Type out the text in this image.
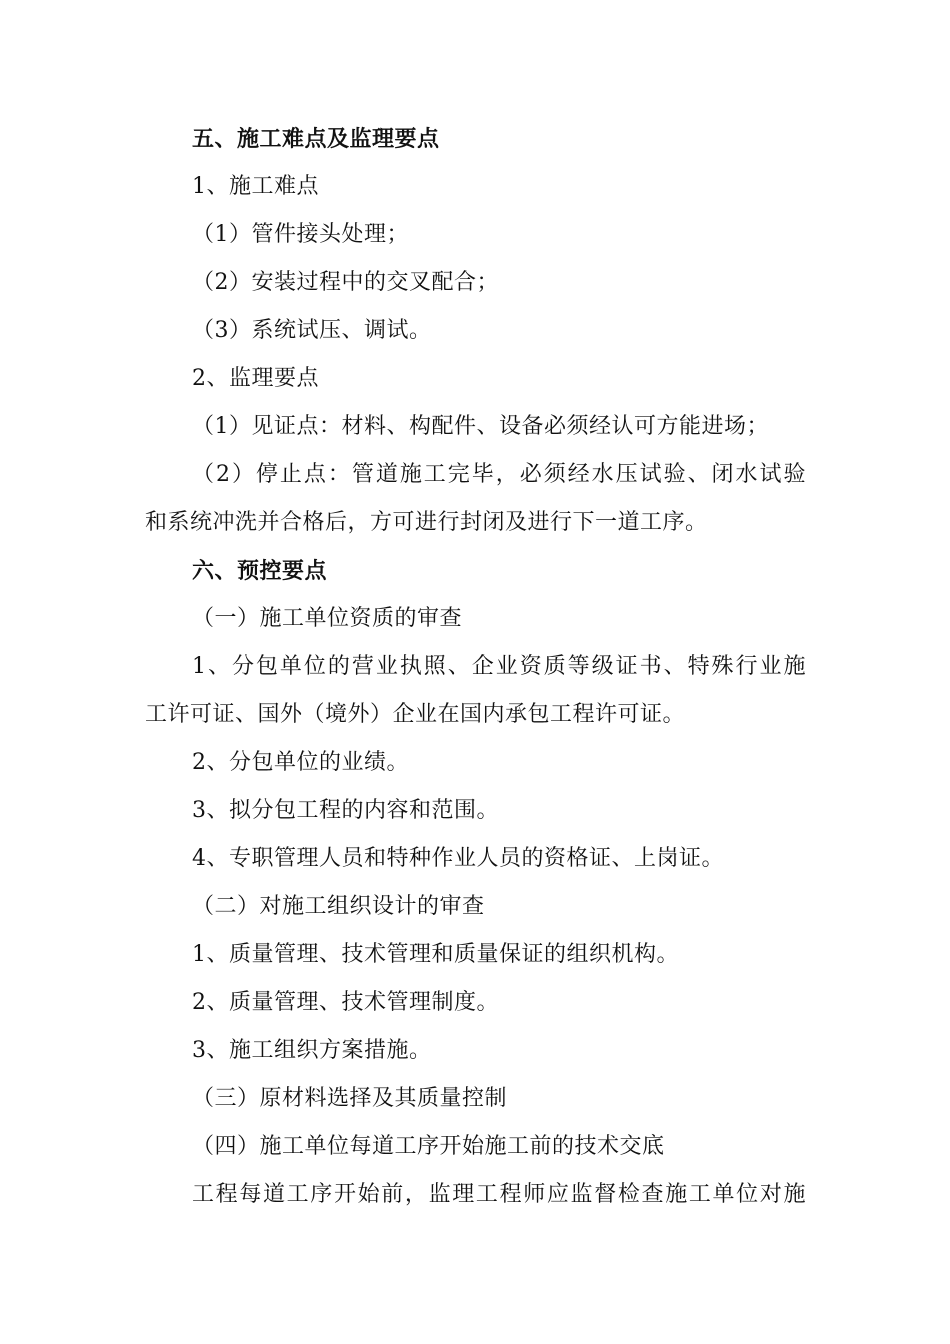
五、施工难点及监理要点
1、施工难点
（1）管件接头处理；
（2）安装过程中的交叉配合；
（3）系统试压、调试。
2、监理要点
（1）见证点：材料、构配件、设备必须经认可方能进场；
（2）停止点：管道施工完毕，必须经水压试验、闭水试验
和系统冲洗并合格后，方可进行封闭及进行下一道工序。
六、预控要点
（一）施工单位资质的审查
1、分包单位的营业执照、企业资质等级证书、特殊行业施
工许可证、国外（境外）企业在国内承包工程许可证。
2、分包单位的业绩。
3、拟分包工程的内容和范围。
4、专职管理人员和特种作业人员的资格证、上岗证。
（二）对施工组织设计的审查
1、质量管理、技术管理和质量保证的组织机构。
2、质量管理、技术管理制度。
3、施工组织方案措施。
（三）原材料选择及其质量控制
（四）施工单位每道工序开始施工前的技术交底
工程每道工序开始前，监理工程师应监督检查施工单位对施
